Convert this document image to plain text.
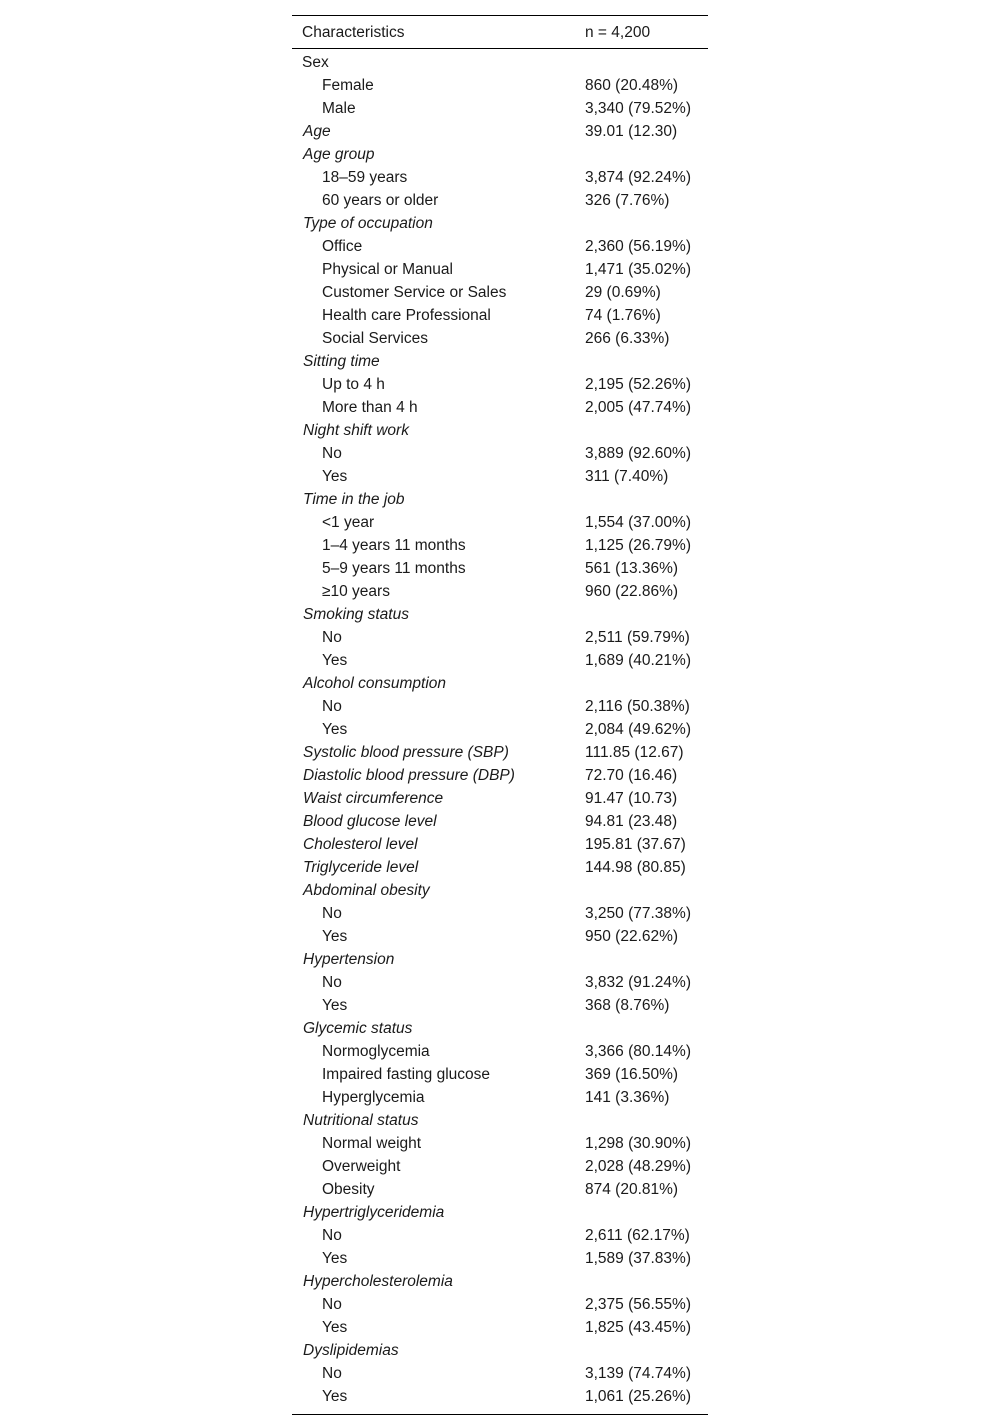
Characteristics	n = 4,200
Sex	
Female	860 (20.48%)
Male	3,340 (79.52%)
Age	39.01 (12.30)
Age group	
18–59 years	3,874 (92.24%)
60 years or older	326 (7.76%)
Type of occupation	
Office	2,360 (56.19%)
Physical or Manual	1,471 (35.02%)
Customer Service or Sales	29 (0.69%)
Health care Professional	74 (1.76%)
Social Services	266 (6.33%)
Sitting time	
Up to 4 h	2,195 (52.26%)
More than 4 h	2,005 (47.74%)
Night shift work	
No	3,889 (92.60%)
Yes	311 (7.40%)
Time in the job	
<1 year	1,554 (37.00%)
1–4 years 11 months	1,125 (26.79%)
5–9 years 11 months	561 (13.36%)
≥10 years	960 (22.86%)
Smoking status	
No	2,511 (59.79%)
Yes	1,689 (40.21%)
Alcohol consumption	
No	2,116 (50.38%)
Yes	2,084 (49.62%)
Systolic blood pressure (SBP)	111.85 (12.67)
Diastolic blood pressure (DBP)	72.70 (16.46)
Waist circumference	91.47 (10.73)
Blood glucose level	94.81 (23.48)
Cholesterol level	195.81 (37.67)
Triglyceride level	144.98 (80.85)
Abdominal obesity	
No	3,250 (77.38%)
Yes	950 (22.62%)
Hypertension	
No	3,832 (91.24%)
Yes	368 (8.76%)
Glycemic status	
Normoglycemia	3,366 (80.14%)
Impaired fasting glucose	369 (16.50%)
Hyperglycemia	141 (3.36%)
Nutritional status	
Normal weight	1,298 (30.90%)
Overweight	2,028 (48.29%)
Obesity	874 (20.81%)
Hypertriglyceridemia	
No	2,611 (62.17%)
Yes	1,589 (37.83%)
Hypercholesterolemia	
No	2,375 (56.55%)
Yes	1,825 (43.45%)
Dyslipidemias	
No	3,139 (74.74%)
Yes	1,061 (25.26%)
